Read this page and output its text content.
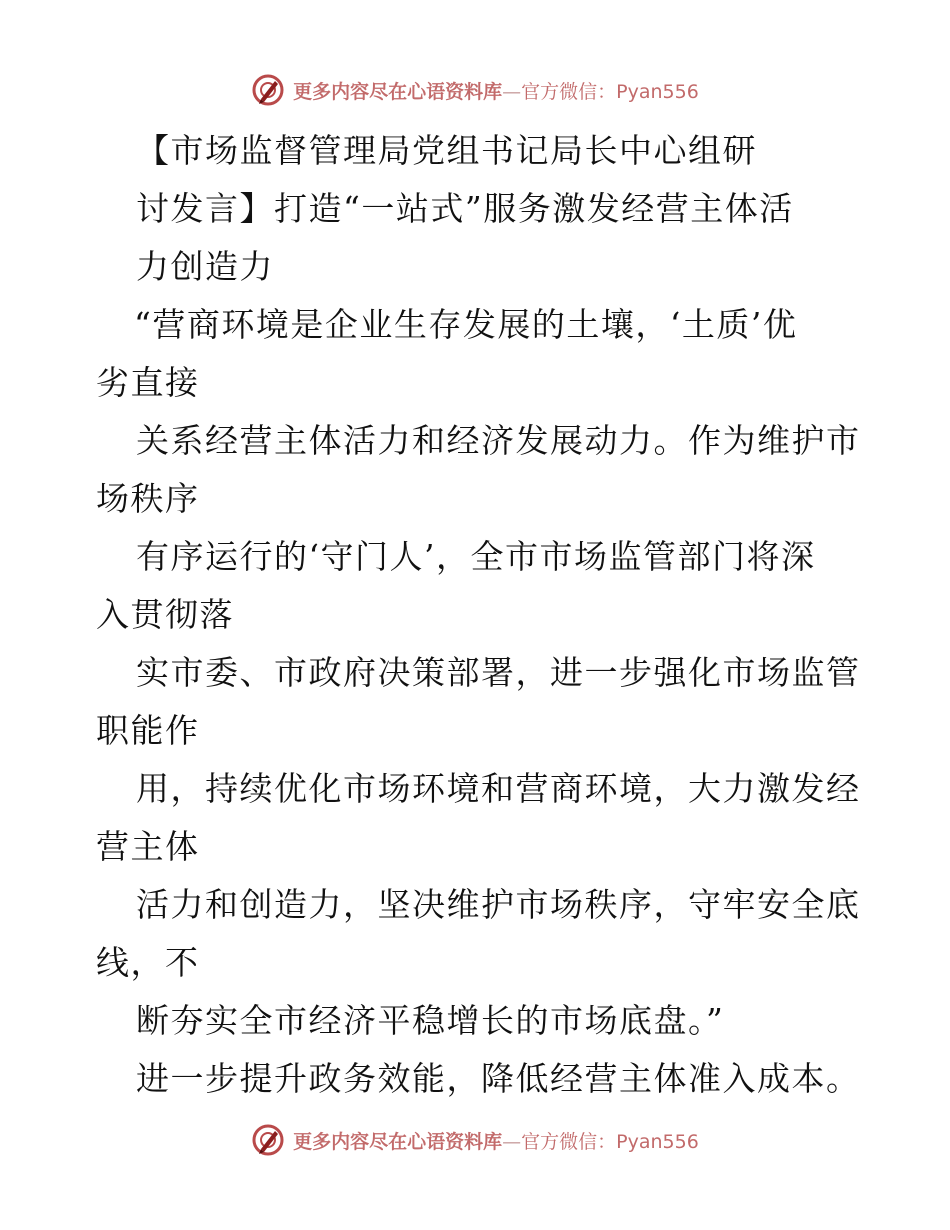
更多内容尽在心语资料库—官方微信：Pyan556

【市场监督管理局党组书记局长中心组研

讨发言】打造“一站式”服务激发经营主体活

力创造力

“营商环境是企业生存发展的土壤，‘土质’优

劣直接

关系经营主体活力和经济发展动力。作为维护市

场秩序

有序运行的‘守门人’，全市市场监管部门将深

入贯彻落

实市委、市政府决策部署，进一步强化市场监管

职能作

用，持续优化市场环境和营商环境，大力激发经

营主体

活力和创造力，坚决维护市场秩序，守牢安全底

线，不

断夯实全市经济平稳增长的市场底盘。”

进一步提升政务效能，降低经营主体准入成本。

更多内容尽在心语资料库—官方微信：Pyan556
